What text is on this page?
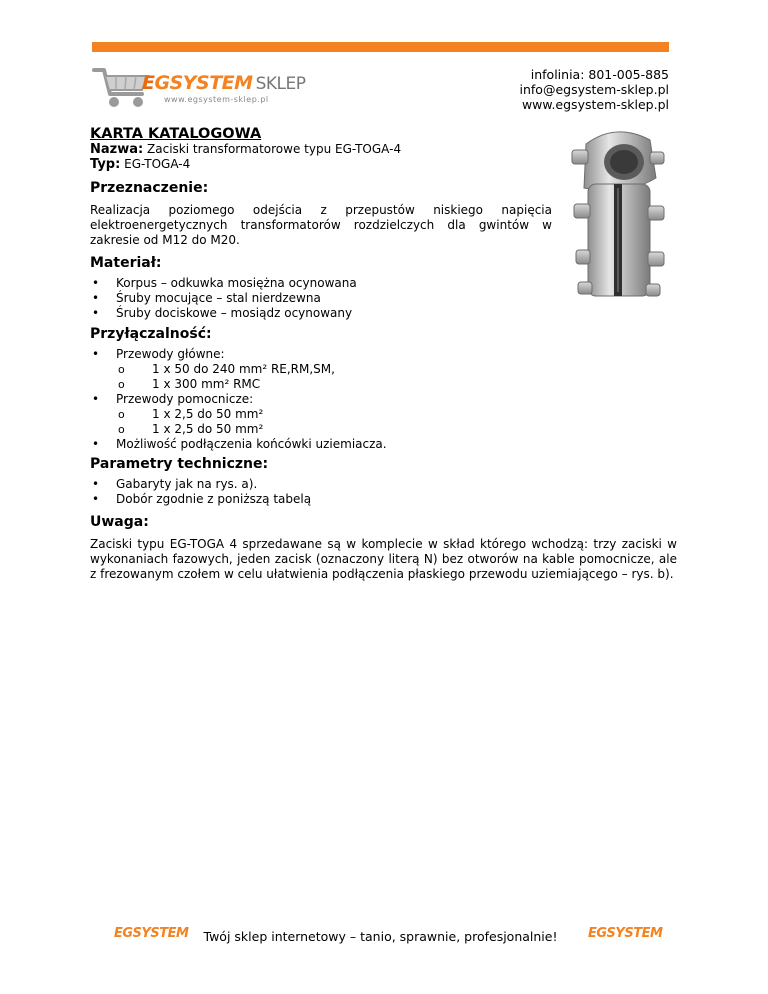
EGSYSTEM SKLEP
www.egsystem-sklep.pl
infolinia: 801-005-885
info@egsystem-sklep.pl
www.egsystem-sklep.pl
KARTA KATALOGOWA
Nazwa: Zaciski transformatorowe typu EG-TOGA-4
Typ: EG-TOGA-4
Przeznaczenie:
Realizacja poziomego odejścia z przepustów niskiego napięcia elektroenergetycznych transformatorów rozdzielczych dla gwintów w zakresie od M12 do M20.
Materiał:
• Korpus – odkuwka mosiężna ocynowana
• Śruby mocujące – stal nierdzewna
• Śruby dociskowe – mosiądz ocynowany
Przyłączalność:
• Przewody główne:
o 1 x 50 do 240 mm² RE,RM,SM,
o 1 x 300 mm² RMC
• Przewody pomocnicze:
o 1 x 2,5 do 50 mm²
o 1 x 2,5 do 50 mm²
• Możliwość podłączenia końcówki uziemiacza.
Parametry techniczne:
• Gabaryty jak na rys. a).
• Dobór zgodnie z poniższą tabelą
Uwaga:
Zaciski typu EG-TOGA 4 sprzedawane są w komplecie w skład którego wchodzą: trzy zaciski w wykonaniach fazowych, jeden zacisk (oznaczony literą N) bez otworów na kable pomocnicze, ale z frezowanym czołem w celu ułatwienia podłączenia płaskiego przewodu uziemiającego – rys. b).
EGSYSTEM	Twój sklep internetowy – tanio, sprawnie, profesjonalnie!	EGSYSTEM
